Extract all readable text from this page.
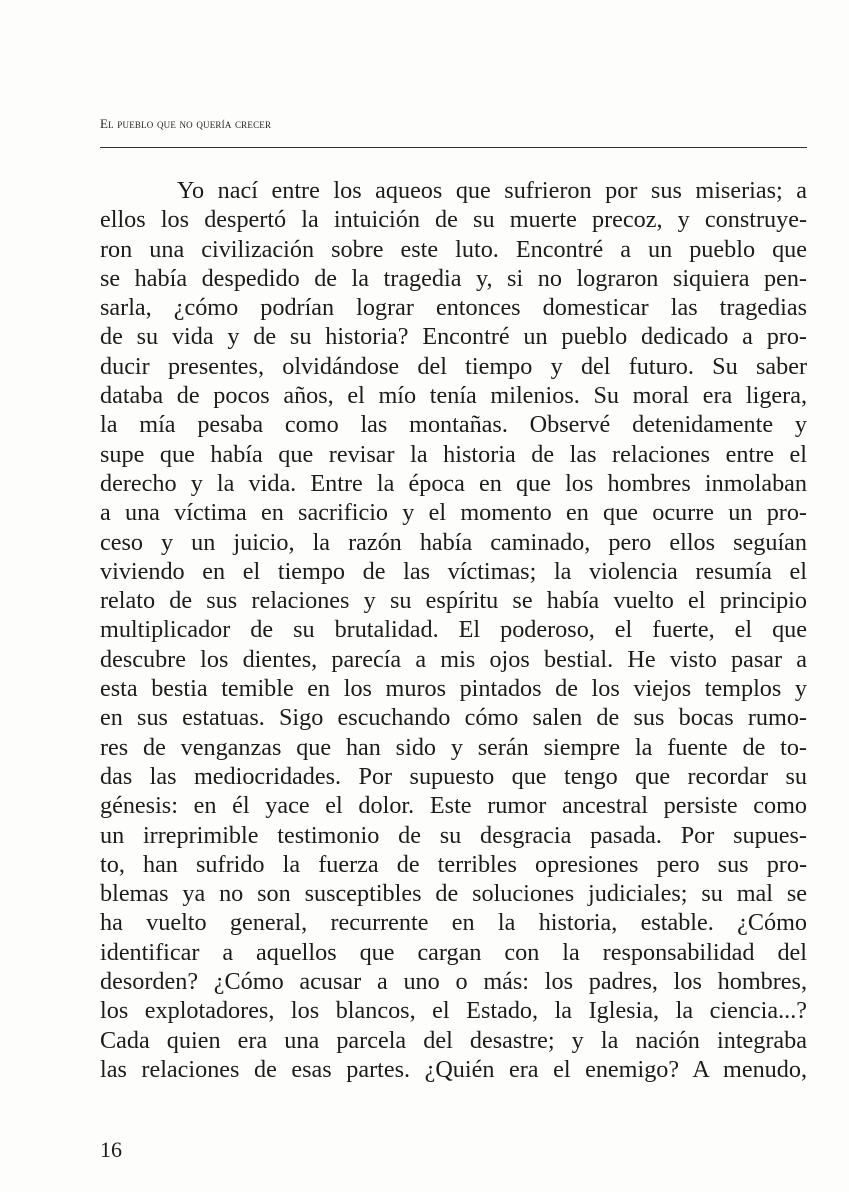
El pueblo que no quería crecer
Yo nací entre los aqueos que sufrieron por sus miserias; a
ellos los despertó la intuición de su muerte precoz, y construye-
ron una civilización sobre este luto. Encontré a un pueblo que
se había despedido de la tragedia y, si no lograron siquiera pen-
sarla, ¿cómo podrían lograr entonces domesticar las tragedias
de su vida y de su historia? Encontré un pueblo dedicado a pro-
ducir presentes, olvidándose del tiempo y del futuro. Su saber
databa de pocos años, el mío tenía milenios. Su moral era ligera,
la mía pesaba como las montañas. Observé detenidamente y
supe que había que revisar la historia de las relaciones entre el
derecho y la vida. Entre la época en que los hombres inmolaban
a una víctima en sacrificio y el momento en que ocurre un pro-
ceso y un juicio, la razón había caminado, pero ellos seguían
viviendo en el tiempo de las víctimas; la violencia resumía el
relato de sus relaciones y su espíritu se había vuelto el principio
multiplicador de su brutalidad. El poderoso, el fuerte, el que
descubre los dientes, parecía a mis ojos bestial. He visto pasar a
esta bestia temible en los muros pintados de los viejos templos y
en sus estatuas. Sigo escuchando cómo salen de sus bocas rumo-
res de venganzas que han sido y serán siempre la fuente de to-
das las mediocridades. Por supuesto que tengo que recordar su
génesis: en él yace el dolor. Este rumor ancestral persiste como
un irreprimible testimonio de su desgracia pasada. Por supues-
to, han sufrido la fuerza de terribles opresiones pero sus pro-
blemas ya no son susceptibles de soluciones judiciales; su mal se
ha vuelto general, recurrente en la historia, estable. ¿Cómo
identificar a aquellos que cargan con la responsabilidad del
desorden? ¿Cómo acusar a uno o más: los padres, los hombres,
los explotadores, los blancos, el Estado, la Iglesia, la ciencia...?
Cada quien era una parcela del desastre; y la nación integraba
las relaciones de esas partes. ¿Quién era el enemigo? A menudo,
16
